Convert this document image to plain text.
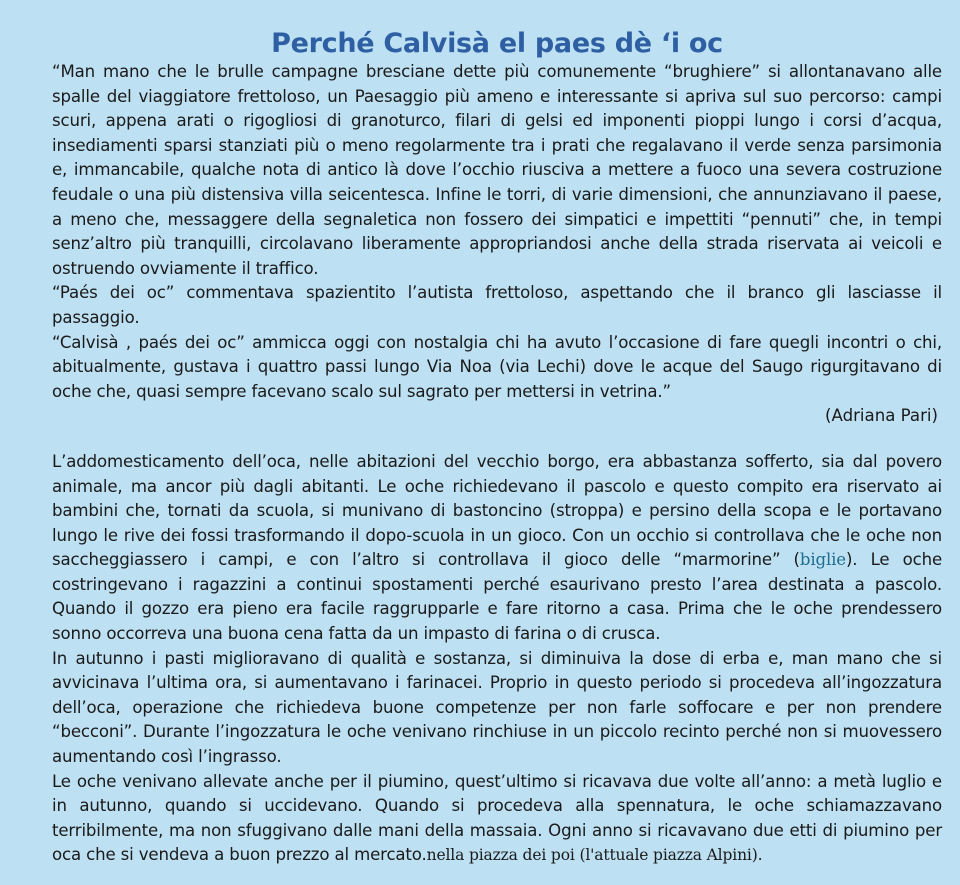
Perché Calvisà el paes dè ‘i oc

“Man mano che le brulle campagne bresciane dette più comunemente “brughiere” si allontanavano alle spalle del viaggiatore frettoloso, un Paesaggio più ameno e interessante si apriva sul suo percorso: campi scuri, appena arati o rigogliosi di granoturco, filari di gelsi ed imponenti pioppi lungo i corsi d’acqua, insediamenti sparsi stanziati più o meno regolarmente tra i prati che regalavano il verde senza parsimonia e, immancabile, qualche nota di antico là dove l’occhio riusciva a mettere a fuoco una severa costruzione feudale o una più distensiva villa seicentesca. Infine le torri, di varie dimensioni, che annunziavano il paese, a meno che, messaggere della segnaletica non fossero dei simpatici e impettiti “pennuti” che, in tempi senz’altro più tranquilli, circolavano liberamente appropriandosi anche della strada riservata ai veicoli e ostruendo ovviamente il traffico.

“Paés dei oc” commentava spazientito l’autista frettoloso, aspettando che il branco gli lasciasse il passaggio.

“Calvisà , paés dei oc” ammicca oggi con nostalgia chi ha avuto l’occasione di fare quegli incontri o chi, abitualmente, gustava i quattro passi lungo Via Noa (via Lechi) dove le acque del Saugo rigurgitavano di oche che, quasi sempre facevano scalo sul sagrato per mettersi in vetrina.”

(Adriana Pari)

L’addomesticamento dell’oca, nelle abitazioni del vecchio borgo, era abbastanza sofferto, sia dal povero animale, ma ancor più dagli abitanti. Le oche richiedevano il pascolo e questo compito era riservato ai bambini che, tornati da scuola, si munivano di bastoncino (stroppa) e persino della scopa e le portavano lungo le rive dei fossi trasformando il dopo-scuola in un gioco. Con un occhio si controllava che le oche non saccheggiassero i campi, e con l’altro si controllava il gioco delle “marmorine” (biglie). Le oche costringevano i ragazzini a continui spostamenti perché esaurivano presto l’area destinata a pascolo. Quando il gozzo era pieno era facile raggrupparle e fare ritorno a casa. Prima che le oche prendessero sonno occorreva una buona cena fatta da un impasto di farina o di crusca.

In autunno i pasti miglioravano di qualità e sostanza, si diminuiva la dose di erba e, man mano che si avvicinava l’ultima ora, si aumentavano i farinacei. Proprio in questo periodo si procedeva all’ingozzatura dell’oca, operazione che richiedeva buone competenze per non farle soffocare e per non prendere “becconi”. Durante l’ingozzatura le oche venivano rinchiuse in un piccolo recinto perché non si muovessero aumentando così l’ingrasso.

Le oche venivano allevate anche per il piumino, quest’ultimo si ricavava due volte all’anno: a metà luglio e in autunno, quando si uccidevano. Quando si procedeva alla spennatura, le oche schiamazzavano terribilmente, ma non sfuggivano dalle mani della massaia. Ogni anno si ricavavano due etti di piumino per oca che si vendeva a buon prezzo al mercato.nella piazza dei poi (l'attuale piazza Alpini).
